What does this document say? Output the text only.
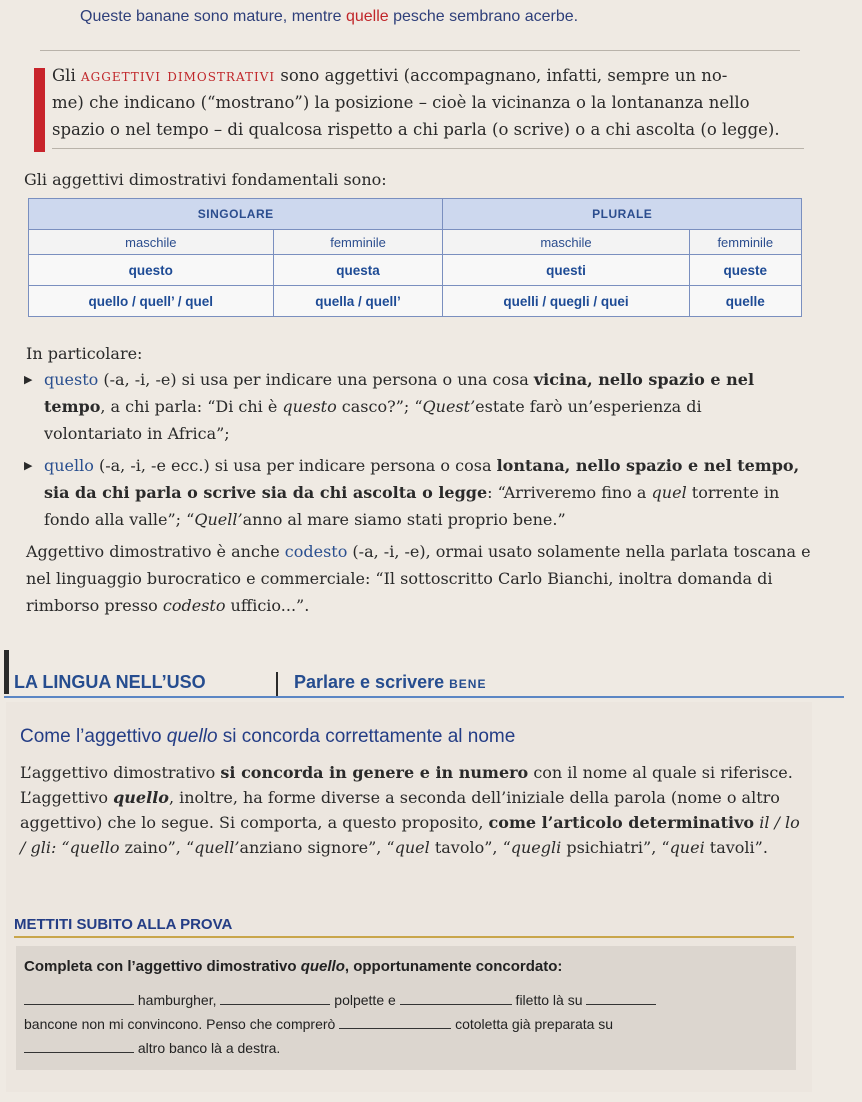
Queste banane sono mature, mentre quelle pesche sembrano acerbe.
Gli aggettivi dimostrativi sono aggettivi (accompagnano, infatti, sempre un no-
me) che indicano (“mostrano”) la posizione – cioè la vicinanza o la lontananza nello
spazio o nel tempo – di qualcosa rispetto a chi parla (o scrive) o a chi ascolta (o legge).
Gli aggettivi dimostrativi fondamentali sono:
SINGOLARE		PLURALE	
maschile	femminile	maschile	femminile
questo	questa	questi	queste
quello / quell’ / quel	quella / quell’	quelli / quegli / quei	quelle
In particolare:
▶ questo (-a, -i, -e) si usa per indicare una persona o una cosa vicina, nello spazio e nel tempo, a chi parla: “Di chi è questo casco?”; “Quest’estate farò un’esperienza di volontariato in Africa”;
▶ quello (-a, -i, -e ecc.) si usa per indicare persona o cosa lontana, nello spazio e nel tempo, sia da chi parla o scrive sia da chi ascolta o legge: “Arriveremo fino a quel torrente in fondo alla valle”; “Quell’anno al mare siamo stati proprio bene.”
Aggettivo dimostrativo è anche codesto (-a, -i, -e), ormai usato solamente nella parlata toscana e nel linguaggio burocratico e commerciale: “Il sottoscritto Carlo Bianchi, inoltra domanda di rimborso presso codesto ufficio...”.
LA LINGUA NELL’USO	Parlare e scrivere BENE
Come l’aggettivo quello si concorda correttamente al nome
L’aggettivo dimostrativo si concorda in genere e in numero con il nome al quale si riferisce. L’aggettivo quello, inoltre, ha forme diverse a seconda dell’iniziale della parola (nome o altro aggettivo) che lo segue. Si comporta, a questo proposito, come l’articolo determinativo il / lo / gli: “quello zaino”, “quell’anziano signore”, “quel tavolo”, “quegli psichiatri”, “quei tavoli”.
METTITI SUBITO ALLA PROVA
Completa con l’aggettivo dimostrativo quello, opportunamente concordato:
hamburgher,	polpette e	filetto là su
bancone non mi convincono. Penso che comprerò	cotoletta già preparata su
altro banco là a destra.
